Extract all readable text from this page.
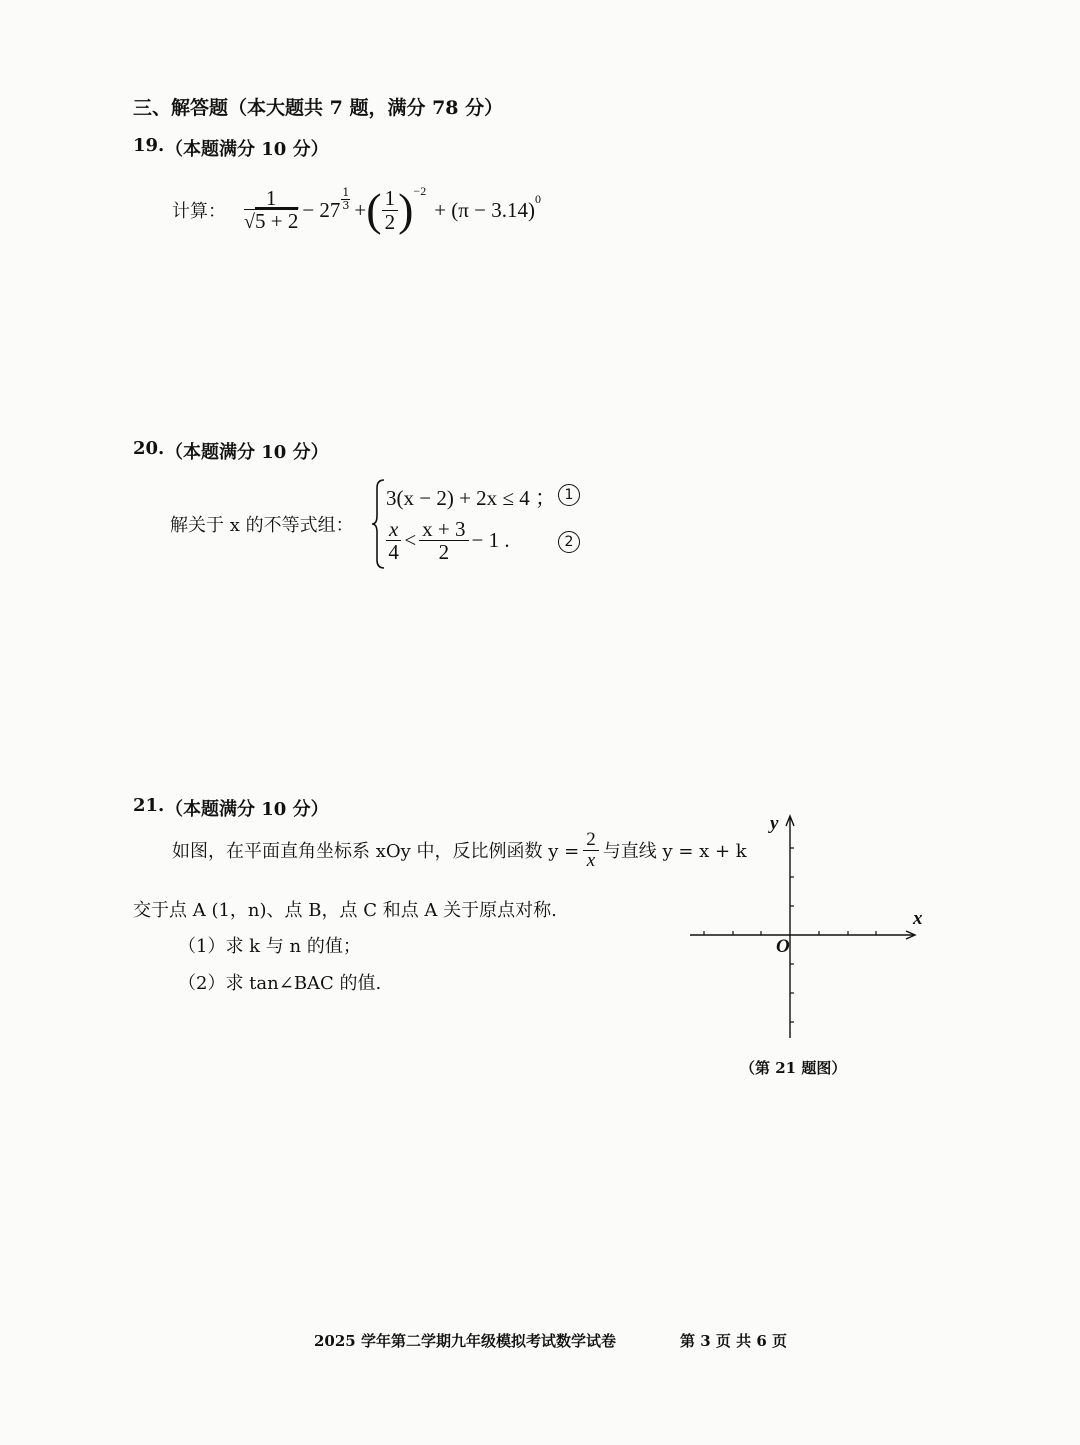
三、解答题（本大题共 7 题，满分 78 分）
19. （本题满分 10 分）
计算： $\frac{1}{√5 + 2} - 27 \frac{1}{3}$ + ( $\frac{1}{2}$ ) −2
+ (π − 3.14) 0
20. （本题满分 10 分）
解关于 x 的不等式组：
3(x − 2) + 2x ≤ 4 ； 1
$\frac{x}{4} < \frac{x + 3}{2} - 1$ .	2
21. （本题满分 10 分）
如图，在平面直角坐标系 xOy 中，反比例函数 $y = \frac{2}{x}$ 与直线 y = x + k
交于点 A (1，n)、点 B，点 C 和点 A 关于原点对称.
（1）求 k 与 n 的值；
（2）求 tan∠BAC 的值.
y
x
O
（第 21 题图）
2025 学年第二学期九年级模拟考试数学试卷	第 3 页 共 6 页
